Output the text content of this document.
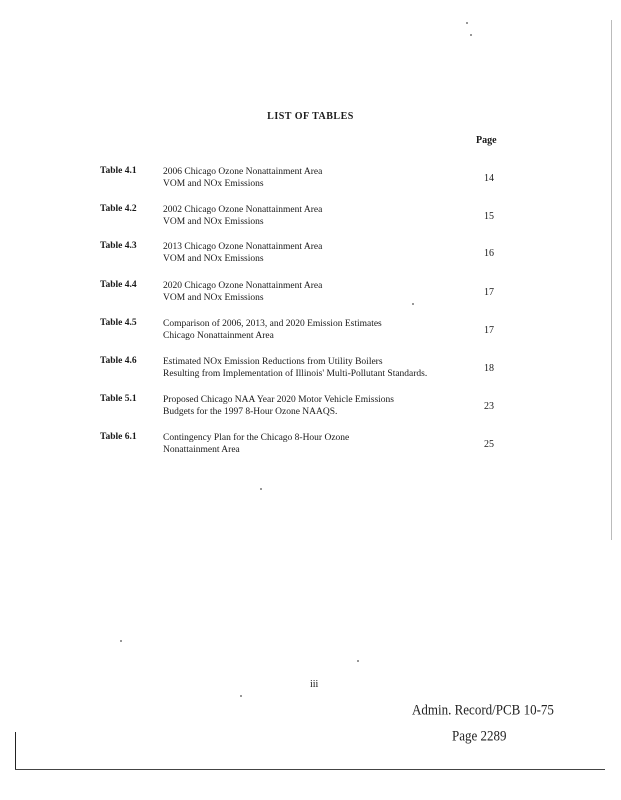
LIST OF TABLES
Page
Table 4.1	2006 Chicago Ozone Nonattainment Area
VOM and NOx Emissions	14
Table 4.2	2002 Chicago Ozone Nonattainment Area
VOM and NOx Emissions	15
Table 4.3	2013 Chicago Ozone Nonattainment Area
VOM and NOx Emissions	16
Table 4.4	2020 Chicago Ozone Nonattainment Area
VOM and NOx Emissions	17
Table 4.5	Comparison of 2006, 2013, and 2020 Emission Estimates
Chicago Nonattainment Area	17
Table 4.6	Estimated NOx Emission Reductions from Utility Boilers
Resulting from Implementation of Illinois' Multi-Pollutant Standards.	18
Table 5.1	Proposed Chicago NAA Year 2020 Motor Vehicle Emissions
Budgets for the 1997 8-Hour Ozone NAAQS.	23
Table 6.1	Contingency Plan for the Chicago 8-Hour Ozone
Nonattainment Area	25
iii
Admin. Record/PCB 10-75
Page 2289
